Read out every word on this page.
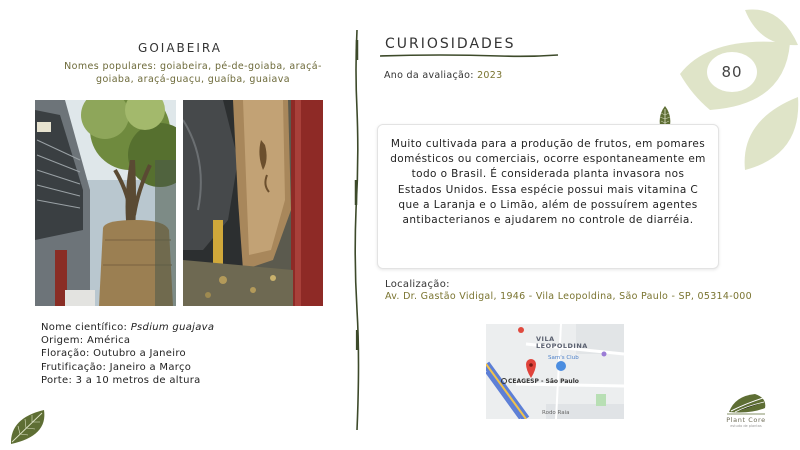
GOIABEIRA
Nomes populares: goiabeira, pé-de-goiaba, araçá-goiaba, araçá-guaçu, guaíba, guaiava
Nome científico: Psdium guajava
Origem: América
Floração: Outubro a Janeiro
Frutificação: Janeiro a Março
Porte: 3 a 10 metros de altura
CURIOSIDADES
Ano da avaliação: 2023	80
Muito cultivada para a produção de frutos, em pomares domésticos ou comerciais, ocorre espontaneamente em todo o Brasil. É considerada planta invasora nos Estados Unidos. Essa espécie possui mais vitamina C que a Laranja e o Limão, além de possuírem agentes antibacterianos e ajudarem no controle de diarréia.
Localização:
Av. Dr. Gastão Vidigal, 1946 - Vila Leopoldina, São Paulo - SP, 05314-000
VILA
LEOPOLDINA
Sam's Club
CEAGESP - São Paulo
Rodo Raia
Plant Core
estudo de plantas
